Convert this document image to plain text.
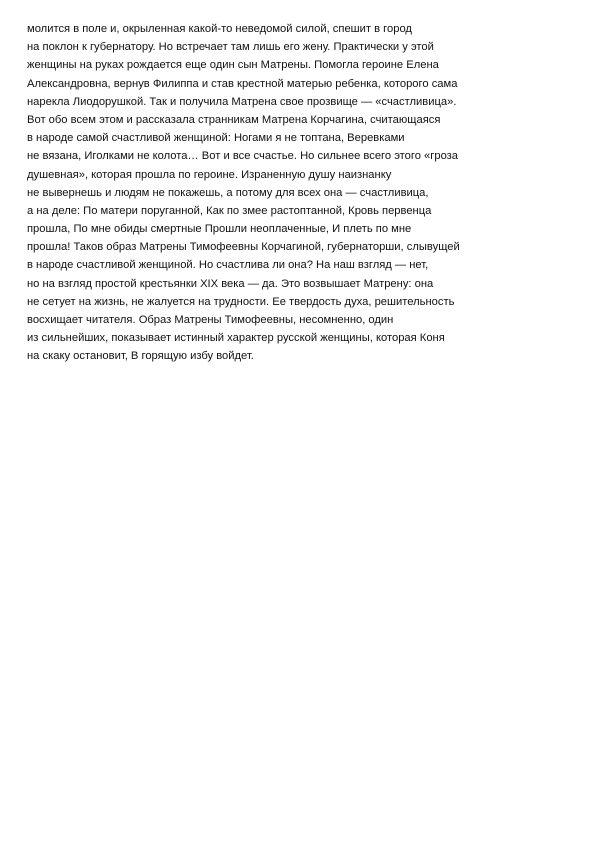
молится в поле и, окрыленная какой-то неведомой силой, спешит в город
на поклон к губернатору. Но встречает там лишь его жену. Практически у этой
женщины на руках рождается еще один сын Матрены. Помогла героине Елена
Александровна, вернув Филиппа и став крестной матерью ребенка, которого сама
нарекла Лиодорушкой. Так и получила Матрена свое прозвище — «счастливица».
Вот обо всем этом и рассказала странникам Матрена Корчагина, считающаяся
в народе самой счастливой женщиной: Ногами я не топтана, Веревками
не вязана, Иголками не колота… Вот и все счастье. Но сильнее всего этого «гроза
душевная», которая прошла по героине. Израненную душу наизнанку
не вывернешь и людям не покажешь, а потому для всех она — счастливица,
а на деле: По матери поруганной, Как по змее растоптанной, Кровь первенца
прошла, По мне обиды смертные Прошли неоплаченные, И плеть по мне
прошла! Таков образ Матрены Тимофеевны Корчагиной, губернаторши, слывущей
в народе счастливой женщиной. Но счастлива ли она? На наш взгляд — нет,
но на взгляд простой крестьянки XIX века — да. Это возвышает Матрену: она
не сетует на жизнь, не жалуется на трудности. Ее твердость духа, решительность
восхищает читателя. Образ Матрены Тимофеевны, несомненно, один
из сильнейших, показывает истинный характер русской женщины, которая Коня
на скаку остановит, В горящую избу войдет.
